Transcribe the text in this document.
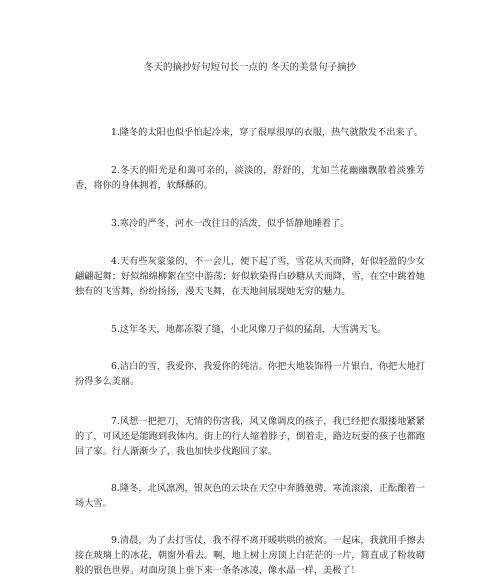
冬天的摘抄好句短句长一点的 冬天的美景句子摘抄

1.隆冬的太阳也似乎怕起冷来，穿了很厚很厚的衣服，热气就散发不出来了。

2.冬天的阳光是和蔼可亲的，淡淡的，舒舒的，尤如兰花幽幽飘散着淡雅芳香，将你的身体拥着，软酥酥的。

3.寒冷的严冬，河水一改往日的活泼，似乎恬静地睡着了。

4.天有些灰蒙蒙的，不一会儿，便下起了雪，雪花从天而降，好似轻盈的少女翩翩起舞；好似绵绵柳絮在空中游荡；好似软染得白砂糖从天而降，雪，在空中跳着她独有的飞雪舞，纷纷扬扬，漫天飞舞，在天地间展现她无穷的魅力。

5.这年冬天，地都冻裂了缝，小北风像刀子似的猛刮，大雪满天飞。

6.洁白的雪，我爱你，我爱你的纯洁。你把大地装饰得一片银白，你把大地打扮得多么美丽。

7.风想一把把刀，无情的伤害我，风又像调皮的孩子，我已经把衣服搂地紧紧的了，可风还是能跑到我体内。街上的行人缩着脖子，倒着走，路边玩耍的孩子也都跑回了家。行人渐渐少了，我也加快步伐跑回了家。

8.隆冬，北风凛冽，银灰色的云块在天空中奔腾驰骋，寒流滚滚，正酝酿着一场大雪。

9.清晨，为了去打雪仗，我不得不离开暖哄哄的被窝。一起床，我就用手擦去接在玻璃上的冰花，朝窗外看去。啊，地上树上房顶上白茫茫的一片，简直成了粉妆砌般的银色世界。对面房顶上垂下来一条条冰凌，像水晶一样，美极了！
